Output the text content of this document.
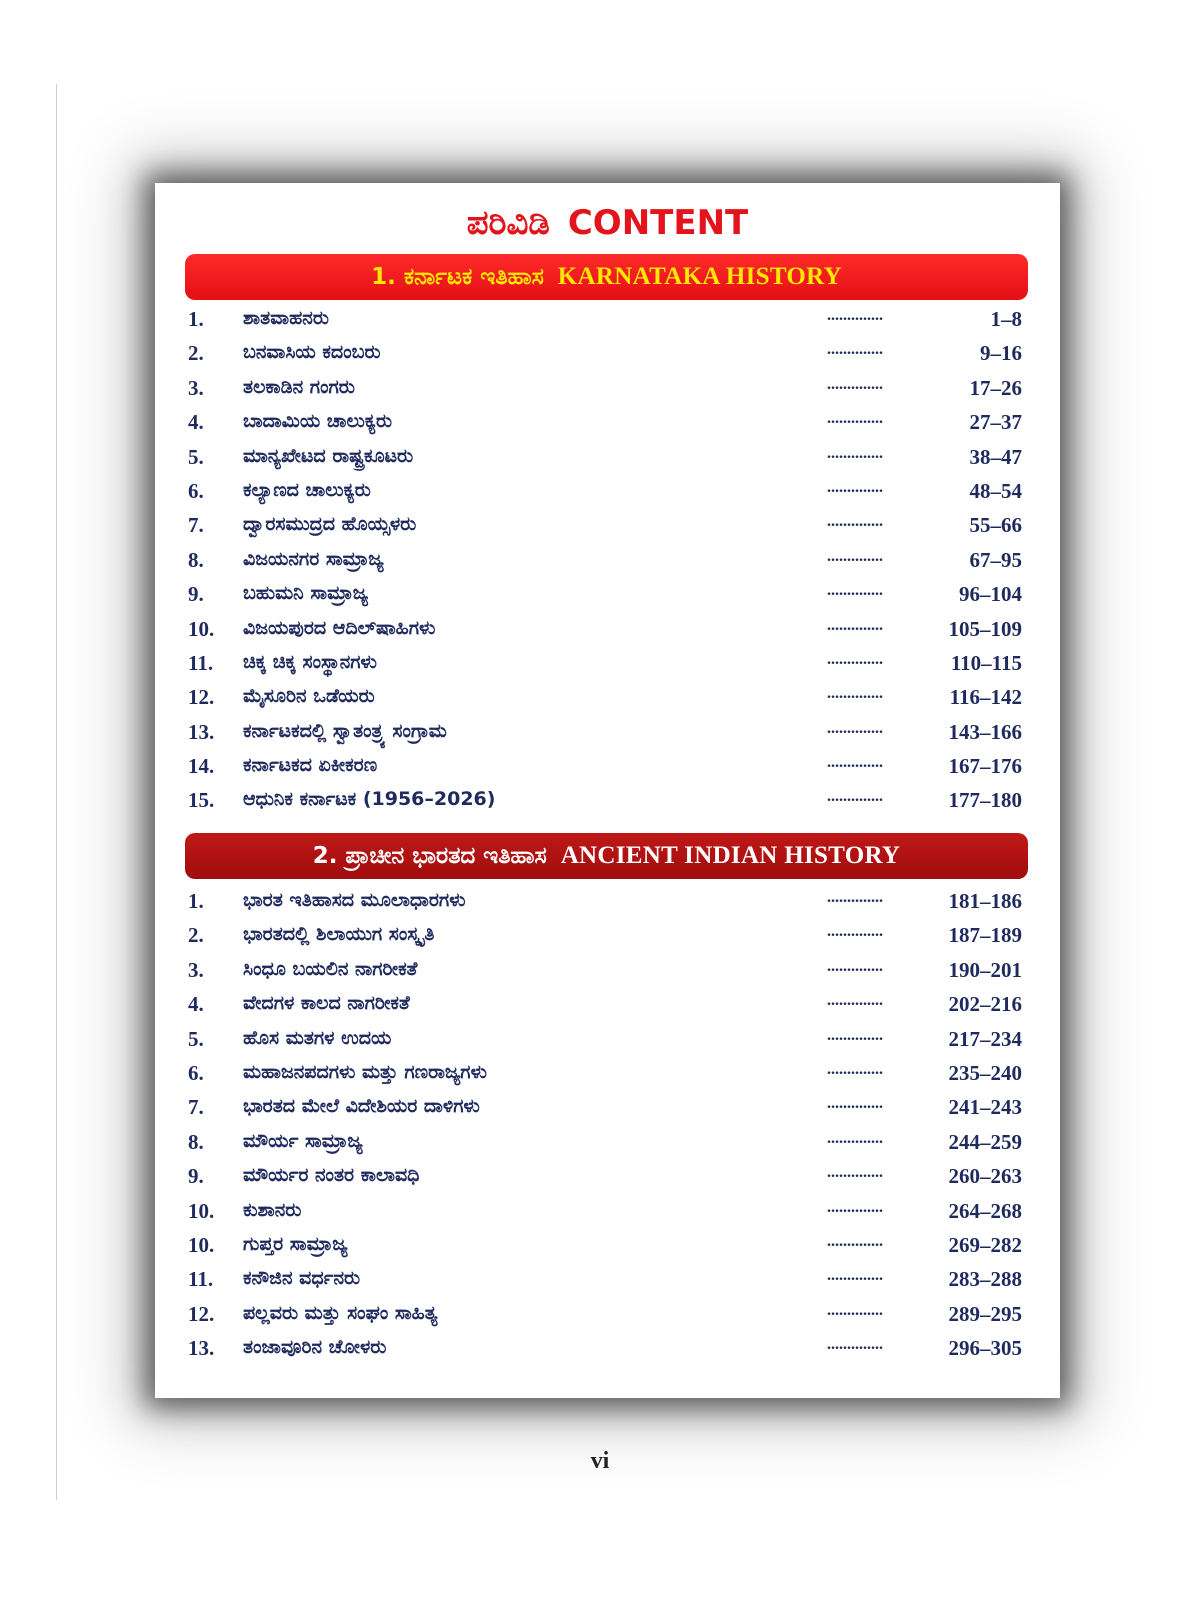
ಪರಿವಿಡಿ CONTENT
1.
ಕರ್ನಾಟಕ ಇತಿಹಾಸ KARNATAKA HISTORY
1. ಶಾತವಾಹನರು	..............	1–8
2. ಬನವಾಸಿಯ ಕದಂಬರು	..............	9–16
3. ತಲಕಾಡಿನ ಗಂಗರು	..............	17–26
4. ಬಾದಾಮಿಯ ಚಾಲುಕ್ಯರು	..............	27–37
5. ಮಾನ್ಯಖೇಟದ ರಾಷ್ಟ್ರಕೂಟರು	..............	38–47
6. ಕಲ್ಯಾಣದ ಚಾಲುಕ್ಯರು	..............	48–54
7. ದ್ವಾರಸಮುದ್ರದ ಹೊಯ್ಸಳರು	..............	55–66
8. ವಿಜಯನಗರ ಸಾಮ್ರಾಜ್ಯ	..............	67–95
9. ಬಹುಮನಿ ಸಾಮ್ರಾಜ್ಯ	..............	96–104
10. ವಿಜಯಪುರದ ಆದಿಲ್‌ಷಾಹಿಗಳು	..............	105–109
11. ಚಿಕ್ಕ ಚಿಕ್ಕ ಸಂಸ್ಥಾನಗಳು	..............	110–115
12. ಮೈಸೂರಿನ ಒಡೆಯರು	..............	116–142
13. ಕರ್ನಾಟಕದಲ್ಲಿ ಸ್ವಾತಂತ್ರ್ಯ ಸಂಗ್ರಾಮ	..............	143–166
14. ಕರ್ನಾಟಕದ ಏಕೀಕರಣ	..............	167–176
15. ಆಧುನಿಕ ಕರ್ನಾಟಕ (1956–2026)	..............	177–180
2.
ಪ್ರಾಚೀನ ಭಾರತದ ಇತಿಹಾಸ ANCIENT INDIAN HISTORY
1. ಭಾರತ ಇತಿಹಾಸದ ಮೂಲಾಧಾರಗಳು	..............	181–186
2. ಭಾರತದಲ್ಲಿ ಶಿಲಾಯುಗ ಸಂಸ್ಕೃತಿ	..............	187–189
3. ಸಿಂಧೂ ಬಯಲಿನ ನಾಗರೀಕತೆ	..............	190–201
4. ವೇದಗಳ ಕಾಲದ ನಾಗರೀಕತೆ	..............	202–216
5. ಹೊಸ ಮತಗಳ ಉದಯ	..............	217–234
6. ಮಹಾಜನಪದಗಳು ಮತ್ತು ಗಣರಾಜ್ಯಗಳು	..............	235–240
7. ಭಾರತದ ಮೇಲೆ ವಿದೇಶಿಯರ ದಾಳಿಗಳು	..............	241–243
8. ಮೌರ್ಯ ಸಾಮ್ರಾಜ್ಯ	..............	244–259
9. ಮೌರ್ಯರ ನಂತರ ಕಾಲಾವಧಿ	..............	260–263
10. ಕುಶಾನರು	..............	264–268
10. ಗುಪ್ತರ ಸಾಮ್ರಾಜ್ಯ	..............	269–282
11. ಕನೌಜಿನ ವರ್ಧನರು	..............	283–288
12. ಪಲ್ಲವರು ಮತ್ತು ಸಂಘಂ ಸಾಹಿತ್ಯ	..............	289–295
13. ತಂಜಾವೂರಿನ ಚೋಳರು	..............	296–305
vi
